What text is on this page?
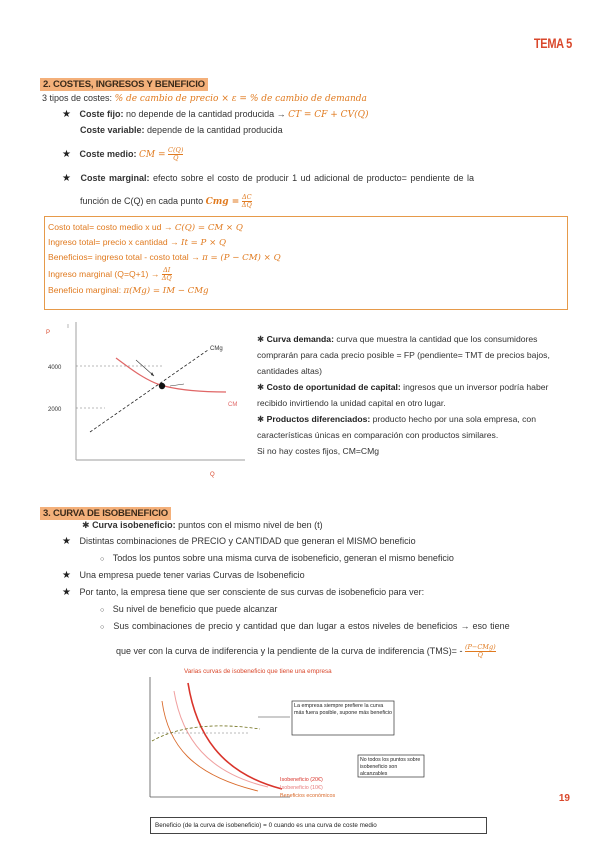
TEMA 5
2. COSTES, INGRESOS Y BENEFICIO
3 tipos de costes: % de cambio de precio × ε = % de cambio de demanda
★ Coste fijo: no depende de la cantidad producida → CT = CF + CV(Q)
Coste variable: depende de la cantidad producida
★ Coste medio: CM = $\frac{C(Q)}{Q}$
★ Coste marginal: efecto sobre el costo de producir 1 ud adicional de producto= pendiente de la
función de C(Q) en cada punto Cmg = $\frac{\Delta C}{\Delta Q}$
Costo total= costo medio x ud → C(Q) = CM × Q
Ingreso total= precio x cantidad → It = P × Q
Beneficios= ingreso total - costo total → π = (P − CM) × Q
Ingreso marginal $(Q=Q+1) \to \frac{\Delta I}{\Delta Q}$
Beneficio marginal: π(Mg) = IM − CMg
P
4000
2000
CMg
CM
Q
✱ Curva demanda: curva que muestra la cantidad que los consumidores comprarán para cada precio posible = FP (pendiente= TMT de precios bajos, cantidades altas)
✱ Costo de oportunidad de capital: ingresos que un inversor podría haber recibido invirtiendo la unidad capital en otro lugar.
✱ Productos diferenciados: producto hecho por una sola empresa, con características únicas en comparación con productos similares.
Si no hay costes fijos, CM=CMg
3. CURVA DE ISOBENEFICIO
✱ Curva isobeneficio: puntos con el mismo nivel de ben (t)
★ Distintas combinaciones de PRECIO y CANTIDAD que generan el MISMO beneficio
○ Todos los puntos sobre una misma curva de isobeneficio, generan el mismo beneficio
★ Una empresa puede tener varias Curvas de Isobeneficio
★ Por tanto, la empresa tiene que ser consciente de sus curvas de isobeneficio para ver:
○ Su nivel de beneficio que puede alcanzar
○ Sus combinaciones de precio y cantidad que dan lugar a estos niveles de beneficios → eso tiene
que ver con la curva de indiferencia y la pendiente de la curva de indiferencia $(TMS)= - \frac{\text{(P−CMg)}}{Q}$
Varias curvas de isobeneficio que tiene una empresa
La empresa siempre prefiere la curva más fuera posible, supone más beneficio
No todos los puntos sobre isobeneficio son alcanzables
Isobeneficio (20€)
Isobeneficio (10€)
Beneficios económicos	19
Beneficio (de la curva de isobeneficio) = 0 cuando es una curva de coste medio
